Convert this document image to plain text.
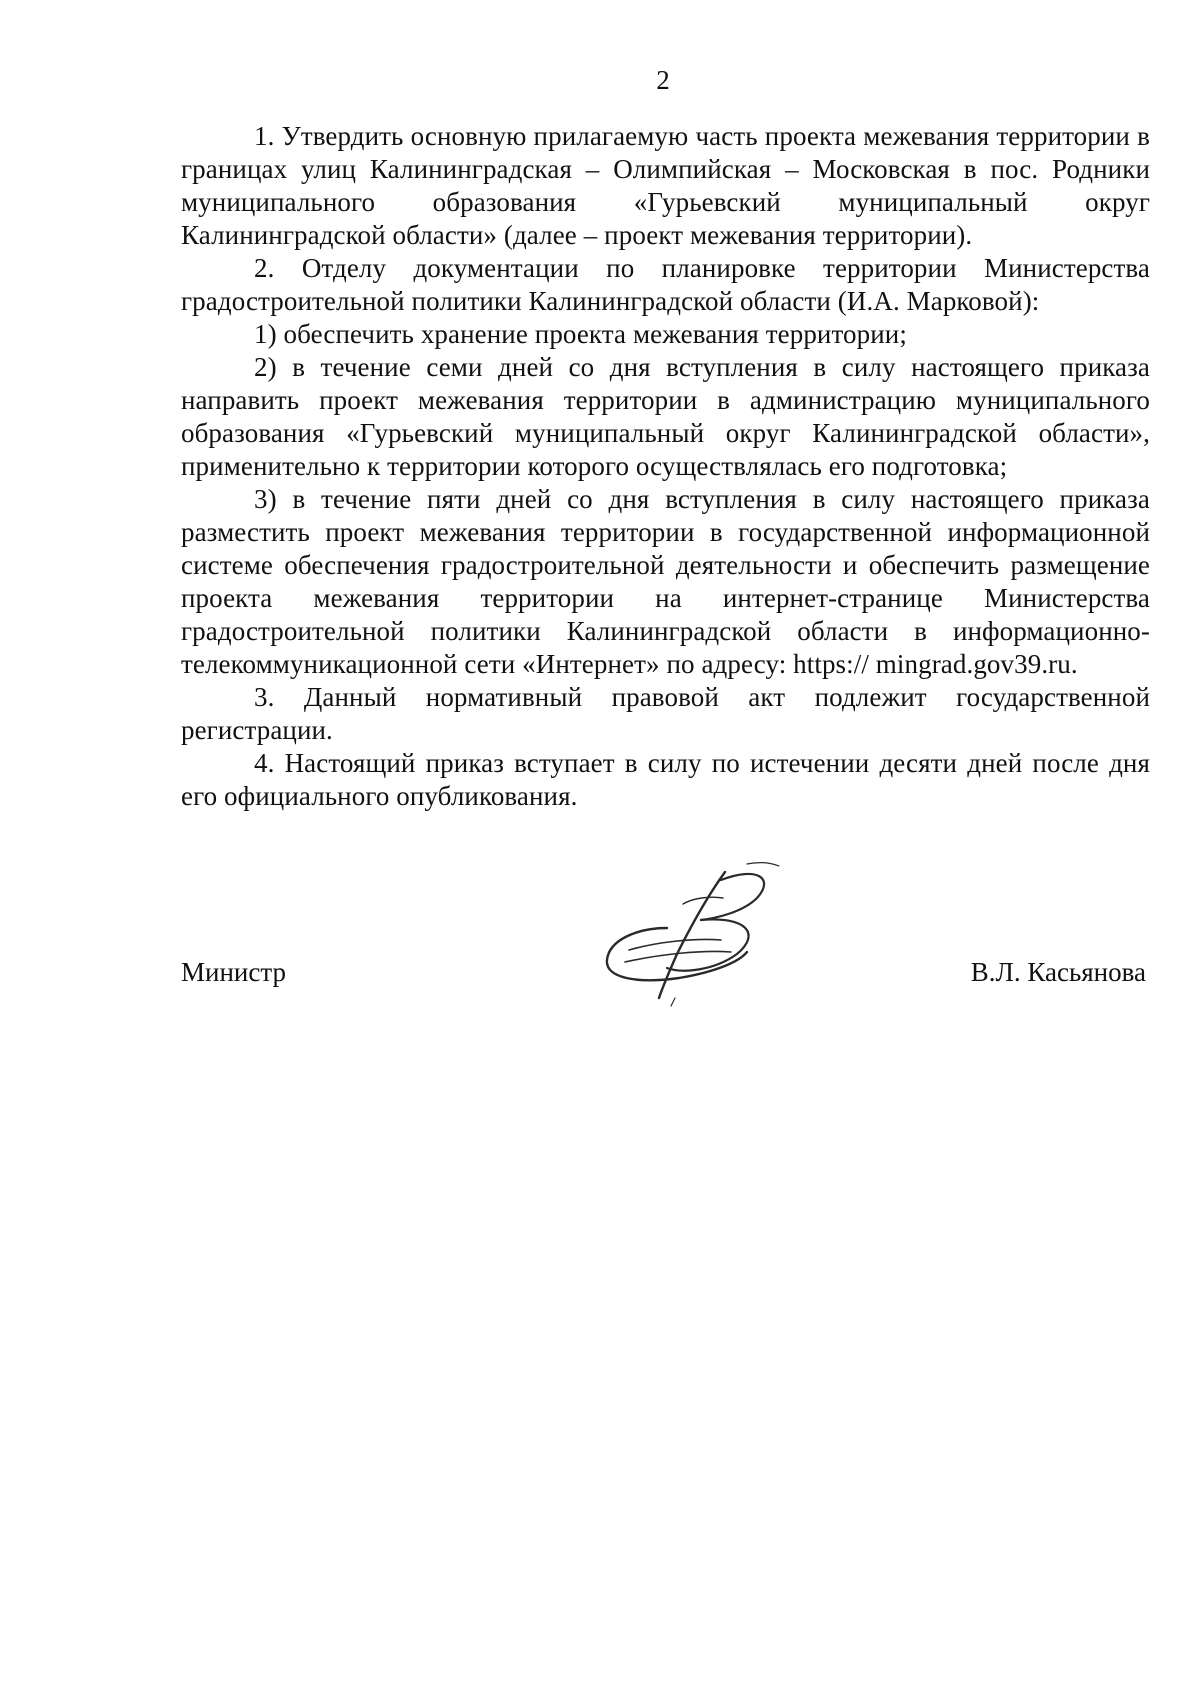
2

1. Утвердить основную прилагаемую часть проекта межевания территории в границах улиц Калининградская – Олимпийская – Московская в пос. Родники муниципального образования «Гурьевский муниципальный округ Калининградской области» (далее – проект межевания территории).

2. Отделу документации по планировке территории Министерства градостроительной политики Калининградской области (И.А. Марковой):

1) обеспечить хранение проекта межевания территории;

2) в течение семи дней со дня вступления в силу настоящего приказа направить проект межевания территории в администрацию муниципального образования «Гурьевский муниципальный округ Калининградской области», применительно к территории которого осуществлялась его подготовка;

3) в течение пяти дней со дня вступления в силу настоящего приказа разместить проект межевания территории в государственной информационной системе обеспечения градостроительной деятельности и обеспечить размещение проекта межевания территории на интернет-странице Министерства градостроительной политики Калининградской области в информационно-телекоммуникационной сети «Интернет» по адресу: https:// mingrad.gov39.ru.

3. Данный нормативный правовой акт подлежит государственной регистрации.

4. Настоящий приказ вступает в силу по истечении десяти дней после дня его официального опубликования.

Министр	В.Л. Касьянова
